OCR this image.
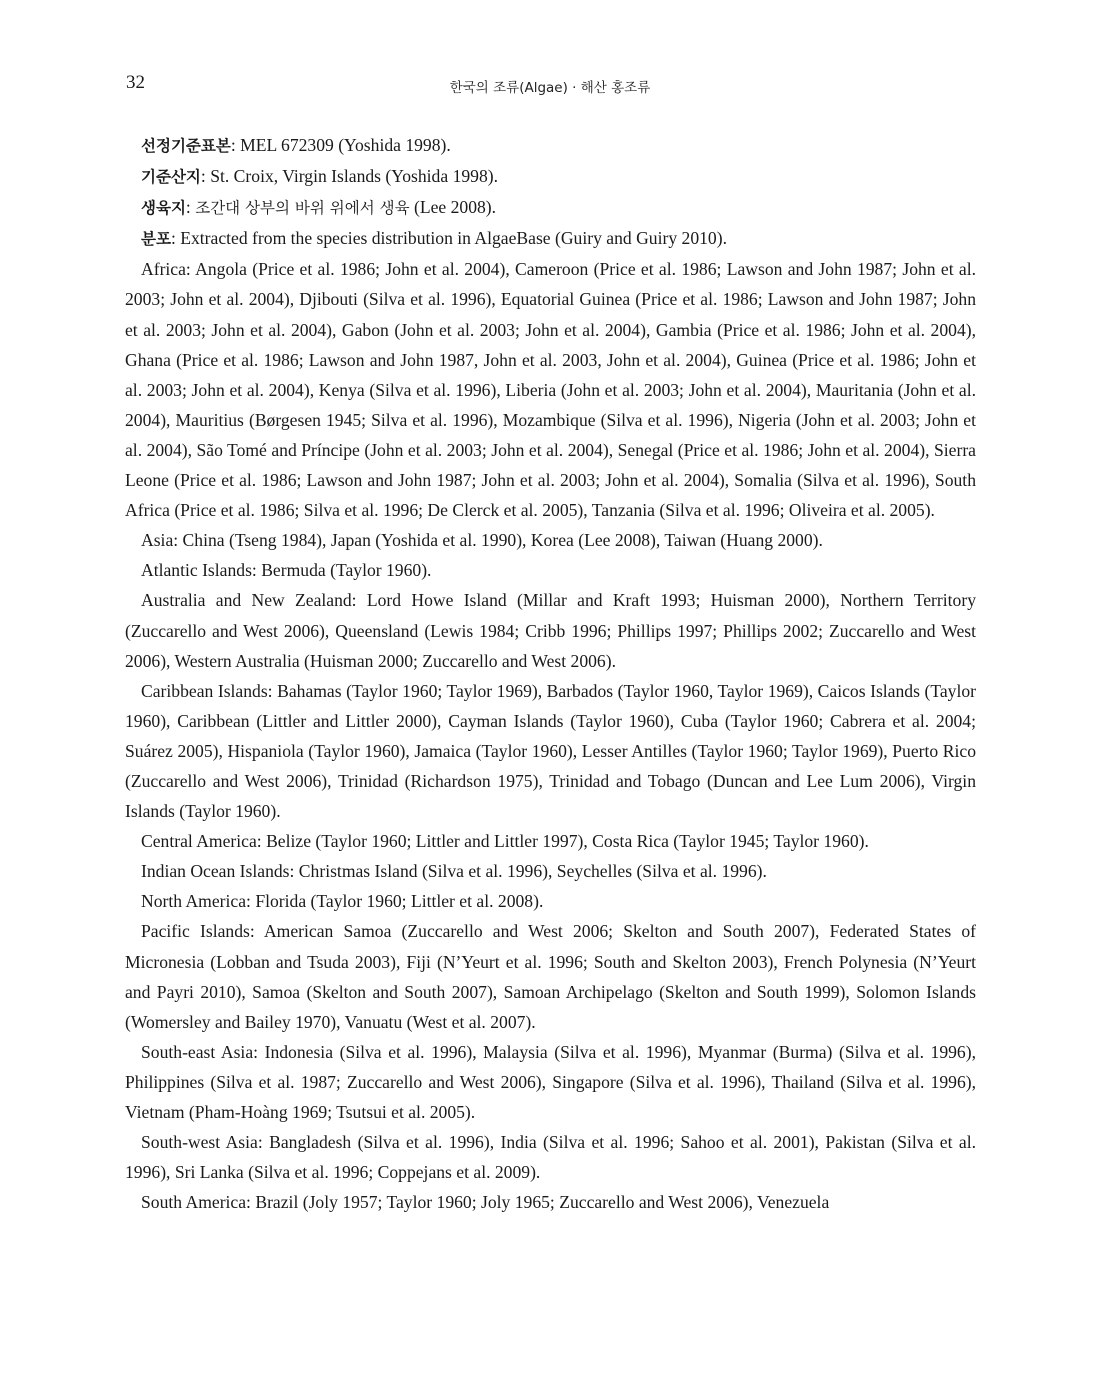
32	한국의 조류(Algae) · 해산 홍조류

선정기준표본: MEL 672309 (Yoshida 1998).

기준산지: St. Croix, Virgin Islands (Yoshida 1998).

생육지: 조간대 상부의 바위 위에서 생육 (Lee 2008).

분포: Extracted from the species distribution in AlgaeBase (Guiry and Guiry 2010).

Africa: Angola (Price et al. 1986; John et al. 2004), Cameroon (Price et al. 1986; Lawson and John 1987; John et al. 2003; John et al. 2004), Djibouti (Silva et al. 1996), Equatorial Guinea (Price et al. 1986; Lawson and John 1987; John et al. 2003; John et al. 2004), Gabon (John et al. 2003; John et al. 2004), Gambia (Price et al. 1986; John et al. 2004), Ghana (Price et al. 1986; Lawson and John 1987, John et al. 2003, John et al. 2004), Guinea (Price et al. 1986; John et al. 2003; John et al. 2004), Kenya (Silva et al. 1996), Liberia (John et al. 2003; John et al. 2004), Mauritania (John et al. 2004), Mauritius (Børgesen 1945; Silva et al. 1996), Mozambique (Silva et al. 1996), Nigeria (John et al. 2003; John et al. 2004), São Tomé and Príncipe (John et al. 2003; John et al. 2004), Senegal (Price et al. 1986; John et al. 2004), Sierra Leone (Price et al. 1986; Lawson and John 1987; John et al. 2003; John et al. 2004), Somalia (Silva et al. 1996), South Africa (Price et al. 1986; Silva et al. 1996; De Clerck et al. 2005), Tanzania (Silva et al. 1996; Oliveira et al. 2005).

Asia: China (Tseng 1984), Japan (Yoshida et al. 1990), Korea (Lee 2008), Taiwan (Huang 2000).

Atlantic Islands: Bermuda (Taylor 1960).

Australia and New Zealand: Lord Howe Island (Millar and Kraft 1993; Huisman 2000), Northern Territory (Zuccarello and West 2006), Queensland (Lewis 1984; Cribb 1996; Phillips 1997; Phillips 2002; Zuccarello and West 2006), Western Australia (Huisman 2000; Zuccarello and West 2006).

Caribbean Islands: Bahamas (Taylor 1960; Taylor 1969), Barbados (Taylor 1960, Taylor 1969), Caicos Islands (Taylor 1960), Caribbean (Littler and Littler 2000), Cayman Islands (Taylor 1960), Cuba (Taylor 1960; Cabrera et al. 2004; Suárez 2005), Hispaniola (Taylor 1960), Jamaica (Taylor 1960), Lesser Antilles (Taylor 1960; Taylor 1969), Puerto Rico (Zuccarello and West 2006), Trinidad (Richardson 1975), Trinidad and Tobago (Duncan and Lee Lum 2006), Virgin Islands (Taylor 1960).

Central America: Belize (Taylor 1960; Littler and Littler 1997), Costa Rica (Taylor 1945; Taylor 1960).

Indian Ocean Islands: Christmas Island (Silva et al. 1996), Seychelles (Silva et al. 1996).

North America: Florida (Taylor 1960; Littler et al. 2008).

Pacific Islands: American Samoa (Zuccarello and West 2006; Skelton and South 2007), Federated States of Micronesia (Lobban and Tsuda 2003), Fiji (N’Yeurt et al. 1996; South and Skelton 2003), French Polynesia (N’Yeurt and Payri 2010), Samoa (Skelton and South 2007), Samoan Archipelago (Skelton and South 1999), Solomon Islands (Womersley and Bailey 1970), Vanuatu (West et al. 2007).

South-east Asia: Indonesia (Silva et al. 1996), Malaysia (Silva et al. 1996), Myanmar (Burma) (Silva et al. 1996), Philippines (Silva et al. 1987; Zuccarello and West 2006), Singapore (Silva et al. 1996), Thailand (Silva et al. 1996), Vietnam (Pham-Hoàng 1969; Tsutsui et al. 2005).

South-west Asia: Bangladesh (Silva et al. 1996), India (Silva et al. 1996; Sahoo et al. 2001), Pakistan (Silva et al. 1996), Sri Lanka (Silva et al. 1996; Coppejans et al. 2009).

South America: Brazil (Joly 1957; Taylor 1960; Joly 1965; Zuccarello and West 2006), Venezuela
